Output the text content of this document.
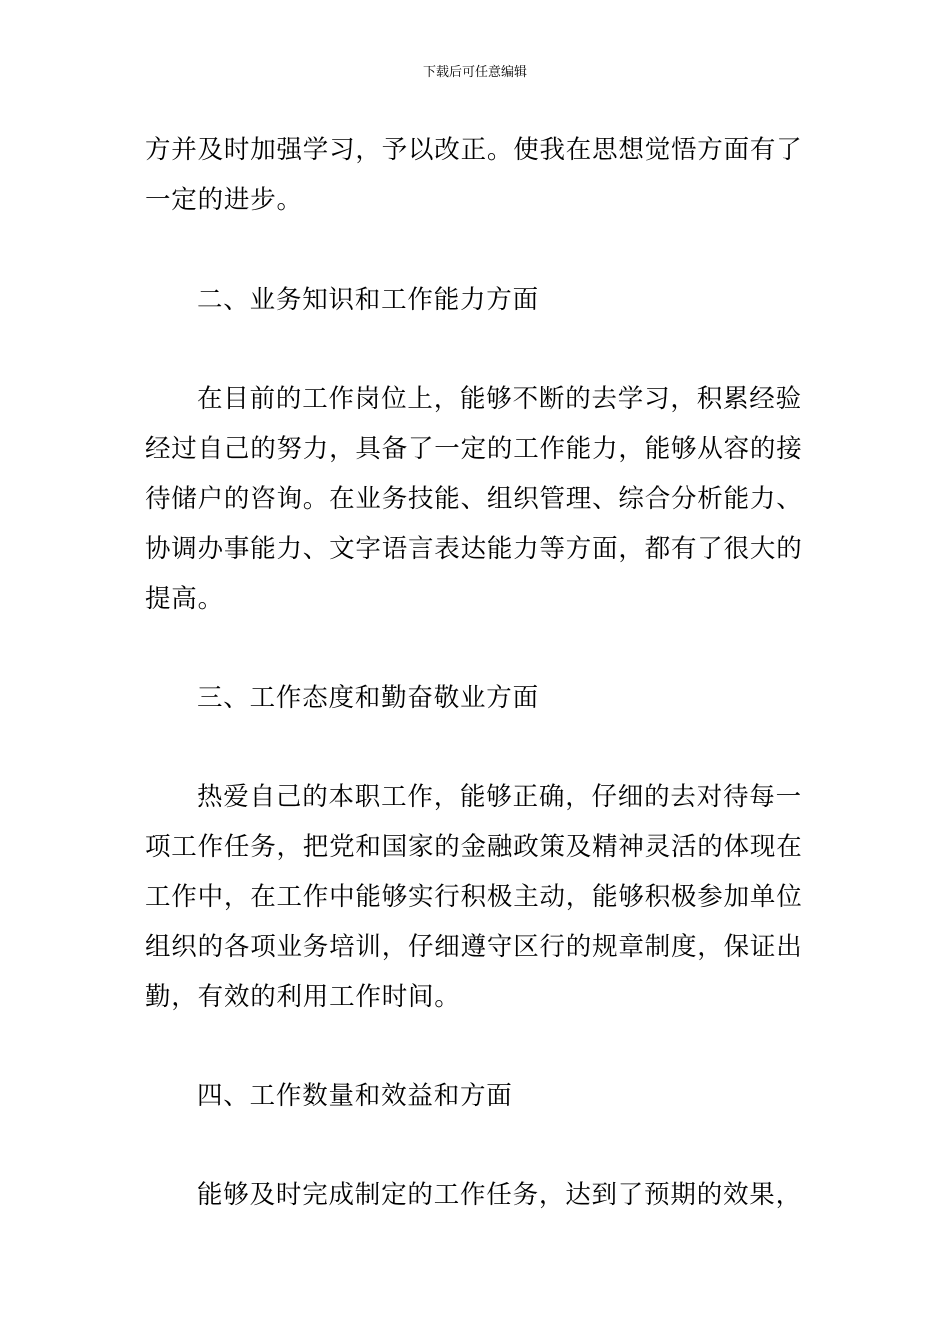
下载后可任意编辑

方并及时加强学习，予以改正。使我在思想觉悟方面有了一定的进步。

二、业务知识和工作能力方面

在目前的工作岗位上，能够不断的去学习，积累经验经过自己的努力，具备了一定的工作能力，能够从容的接待储户的咨询。在业务技能、组织管理、综合分析能力、协调办事能力、文字语言表达能力等方面，都有了很大的提高。

三、工作态度和勤奋敬业方面

热爱自己的本职工作，能够正确，仔细的去对待每一项工作任务，把党和国家的金融政策及精神灵活的体现在工作中，在工作中能够实行积极主动，能够积极参加单位组织的各项业务培训，仔细遵守区行的规章制度，保证出勤，有效的利用工作时间。

四、工作数量和效益和方面

能够及时完成制定的工作任务，达到了预期的效果，
